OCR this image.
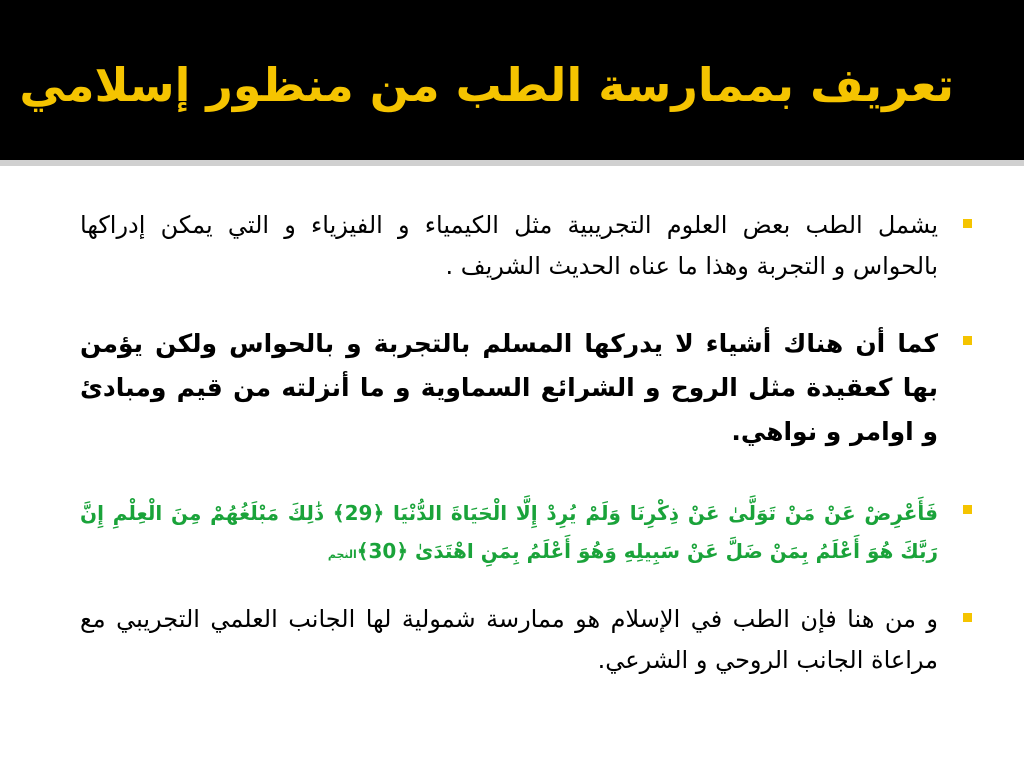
تعريف بممارسة الطب من منظور إسلامي
يشمل الطب بعض العلوم التجريبية مثل الكيمياء و الفيزياء و التي يمكن إدراكها بالحواس و التجربة وهذا ما عناه الحديث الشريف .
كما أن هناك أشياء لا يدركها المسلم بالتجربة و بالحواس ولكن يؤمن بها كعقيدة مثل الروح و الشرائع السماوية و ما أنزلته من قيم ومبادئ و اوامر و نواهي.
فَأَعْرِضْ عَنْ مَنْ تَوَلَّىٰ عَنْ ذِكْرِنَا وَلَمْ يُرِدْ إِلَّا الْحَيَاةَ الدُّنْيَا ﴿29﴾ ذَٰلِكَ مَبْلَغُهُمْ مِنَ الْعِلْمِ إِنَّ رَبَّكَ هُوَ أَعْلَمُ بِمَنْ ضَلَّ عَنْ سَبِيلِهِ وَهُوَ أَعْلَمُ بِمَنِ اهْتَدَىٰ ﴿30﴾النجم
و من هنا فإن الطب في الإسلام هو ممارسة شمولية لها الجانب العلمي التجريبي مع مراعاة الجانب الروحي و الشرعي.
